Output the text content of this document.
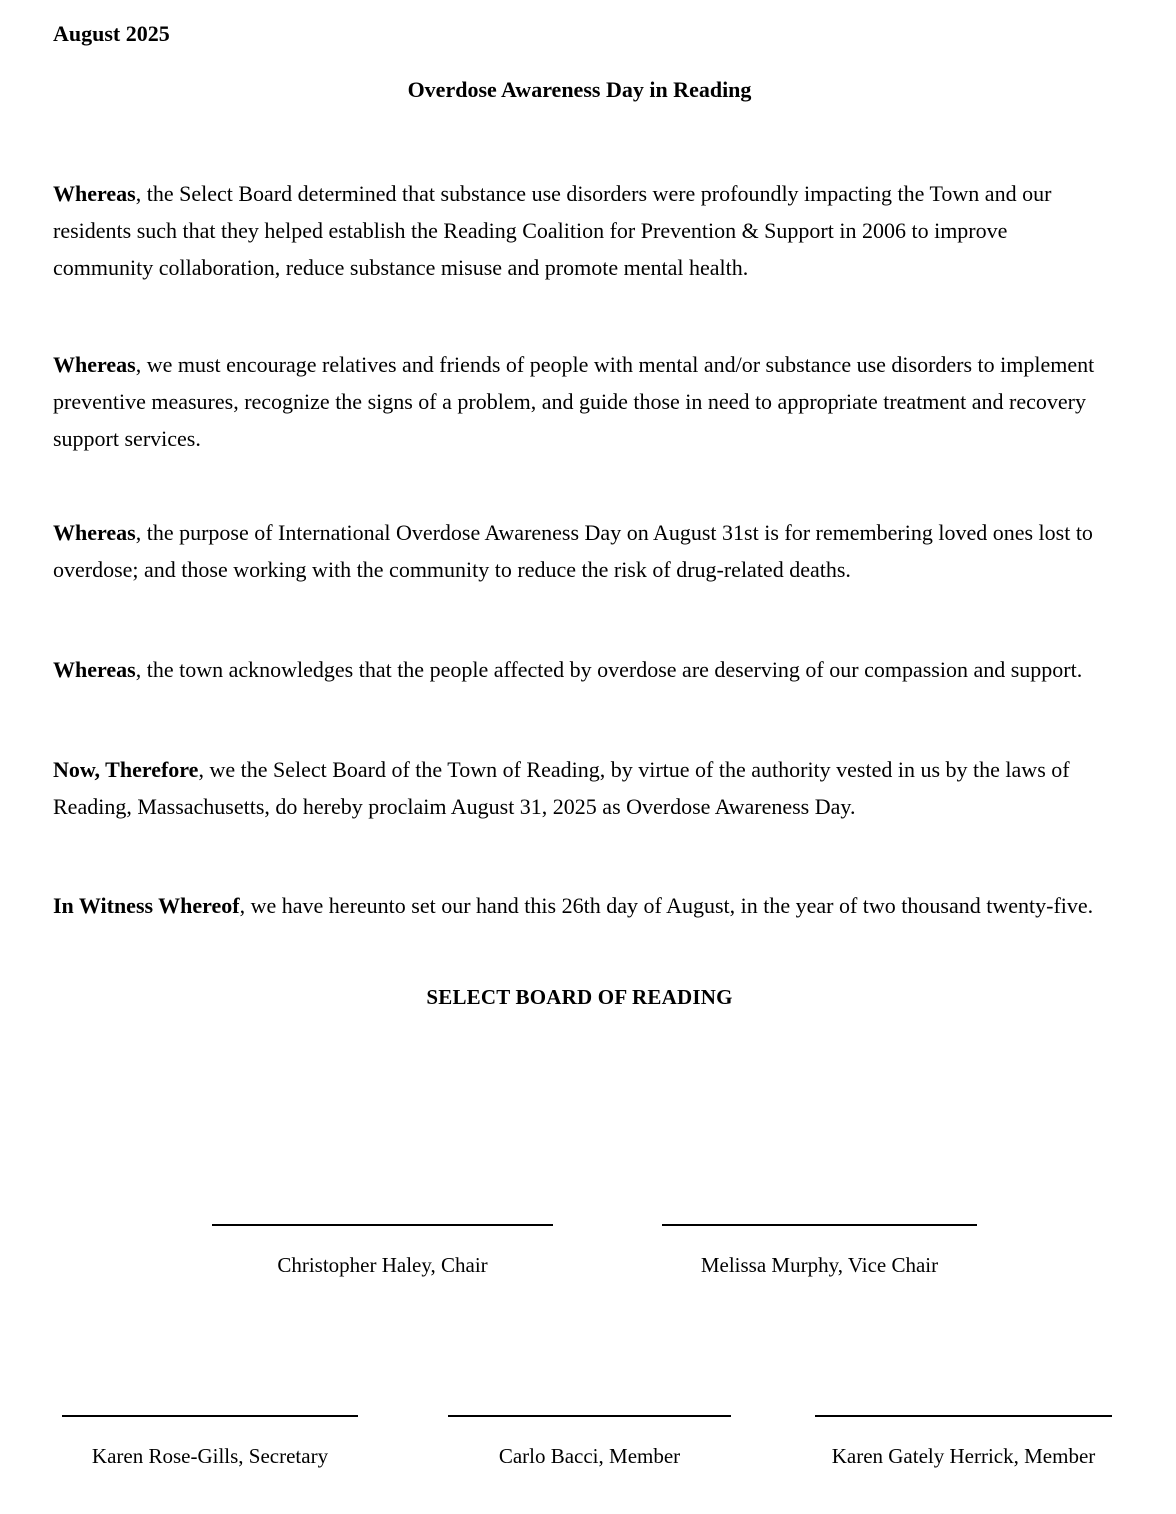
August 2025
Overdose Awareness Day in Reading

Whereas, the Select Board determined that substance use disorders were profoundly impacting the Town and our residents such that they helped establish the Reading Coalition for Prevention & Support in 2006 to improve community collaboration, reduce substance misuse and promote mental health.

Whereas, we must encourage relatives and friends of people with mental and/or substance use disorders to implement preventive measures, recognize the signs of a problem, and guide those in need to appropriate treatment and recovery support services.

Whereas, the purpose of International Overdose Awareness Day on August 31st is for remembering loved ones lost to overdose; and those working with the community to reduce the risk of drug-related deaths.

Whereas, the town acknowledges that the people affected by overdose are deserving of our compassion and support.

Now, Therefore, we the Select Board of the Town of Reading, by virtue of the authority vested in us by the laws of Reading, Massachusetts, do hereby proclaim August 31, 2025 as Overdose Awareness Day.

In Witness Whereof, we have hereunto set our hand this 26th day of August, in the year of two thousand twenty-five.

SELECT BOARD OF READING
Christopher Haley, Chair	Melissa Murphy, Vice Chair
Karen Rose-Gills, Secretary	Carlo Bacci, Member	Karen Gately Herrick, Member
